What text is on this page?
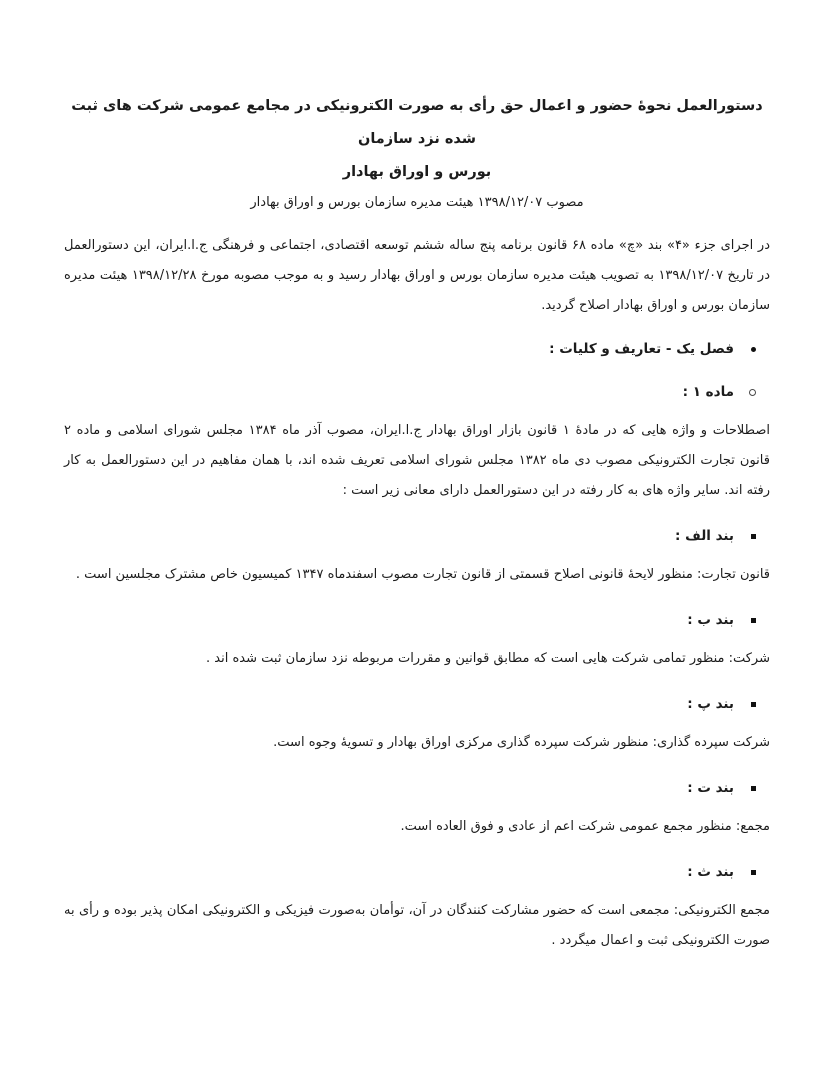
دستورالعمل نحوهٔ حضور و اعمال حق رأی به صورت الکترونیکی در مجامع عمومی شرکت های ثبت شده نزد سازمان
بورس و اوراق بهادار
مصوب ۱۳۹۸/۱۲/۰۷ هیئت مدیره سازمان بورس و اوراق بهادار

در اجرای جزء «۴» بند «چ» ماده ۶۸ قانون برنامه پنج ساله ششم توسعه اقتصادی، اجتماعی و فرهنگی ج.ا.ایران، این دستورالعمل در تاریخ ۱۳۹۸/۱۲/۰۷ به تصویب هیئت مدیره سازمان بورس و اوراق بهادار رسید و به موجب مصوبه مورخ ۱۳۹۸/۱۲/۲۸ هیئت مدیره سازمان بورس و اوراق بهادار اصلاح گردید.

فصل یک - تعاریف و کلیات :
ماده ۱ :

اصطلاحات و واژه هایی که در مادهٔ ۱ قانون بازار اوراق بهادار ج.ا.ایران، مصوب آذر ماه ۱۳۸۴ مجلس شورای اسلامی و ماده ۲ قانون تجارت الکترونیکی مصوب دی ماه ۱۳۸۲ مجلس شورای اسلامی تعریف شده اند، با همان مفاهیم در این دستورالعمل به کار رفته اند. سایر واژه های به کار رفته در این دستورالعمل دارای معانی زیر است :

بند الف :

قانون تجارت: منظور لایحهٔ قانونی اصلاح قسمتی از قانون تجارت مصوب اسفندماه ۱۳۴۷ کمیسیون خاص مشترک مجلسین است .

بند ب :

شرکت: منظور تمامی شرکت هایی است که مطابق قوانین و مقررات مربوطه نزد سازمان ثبت شده اند .

بند پ :

شرکت سپرده گذاری: منظور شرکت سپرده گذاری مرکزی اوراق بهادار و تسویهٔ وجوه است.

بند ت :

مجمع: منظور مجمع عمومی شرکت اعم از عادی و فوق العاده است.

بند ث :

مجمع الکترونیکی: مجمعی است که حضور مشارکت کنندگان در آن، توأمان به‌صورت فیزیکی و الکترونیکی امکان پذیر بوده و رأی به صورت الکترونیکی ثبت و اعمال میگردد .
